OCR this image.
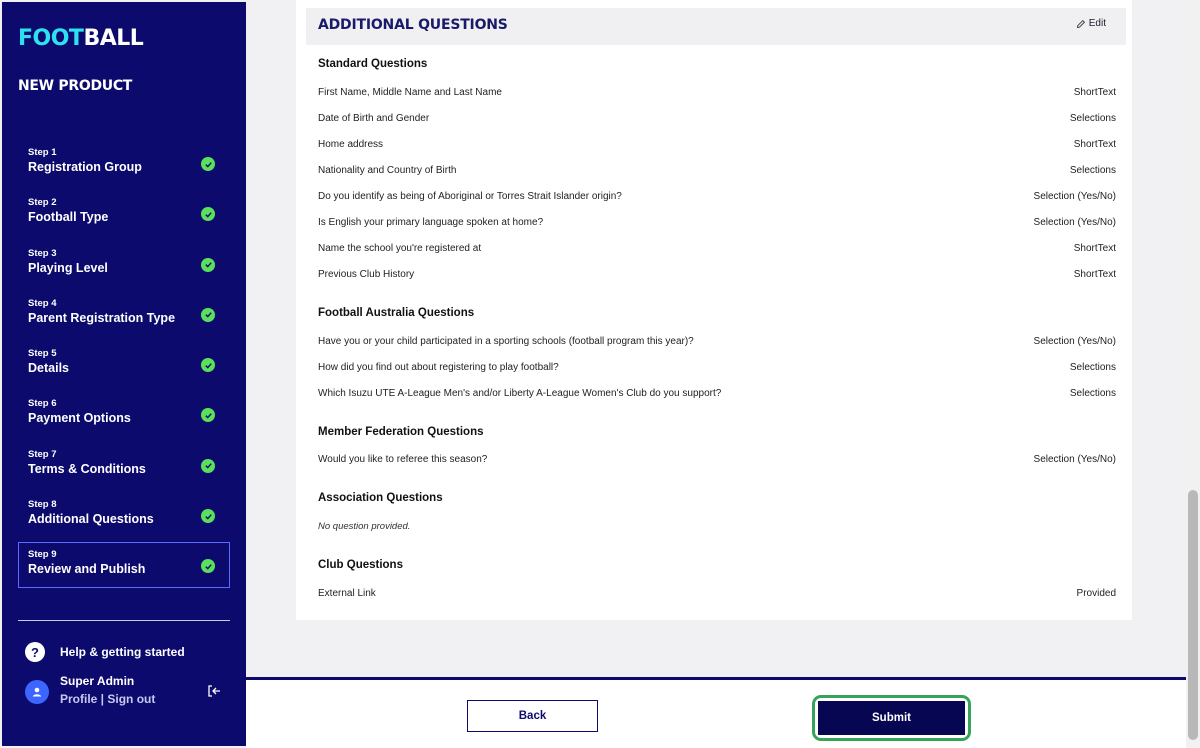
FOOTBALL
NEW PRODUCT
Step 1
Registration Group
Step 2
Football Type
Step 3
Playing Level
Step 4
Parent Registration Type
Step 5
Details
Step 6
Payment Options
Step 7
Terms & Conditions
Step 8
Additional Questions
Step 9
Review and Publish
?	Help & getting started
Super Admin
Profile | Sign out
ADDITIONAL QUESTIONS	Edit
Standard Questions
First Name, Middle Name and Last Name	ShortText
Date of Birth and Gender	Selections
Home address	ShortText
Nationality and Country of Birth	Selections
Do you identify as being of Aboriginal or Torres Strait Islander origin?	Selection (Yes/No)
Is English your primary language spoken at home?	Selection (Yes/No)
Name the school you're registered at	ShortText
Previous Club History	ShortText
Football Australia Questions
Have you or your child participated in a sporting schools (football program this year)?	Selection (Yes/No)
How did you find out about registering to play football?	Selections
Which Isuzu UTE A-League Men's and/or Liberty A-League Women's Club do you support?	Selections
Member Federation Questions
Would you like to referee this season?	Selection (Yes/No)
Association Questions
No question provided.
Club Questions
External Link	Provided
Back	Submit
